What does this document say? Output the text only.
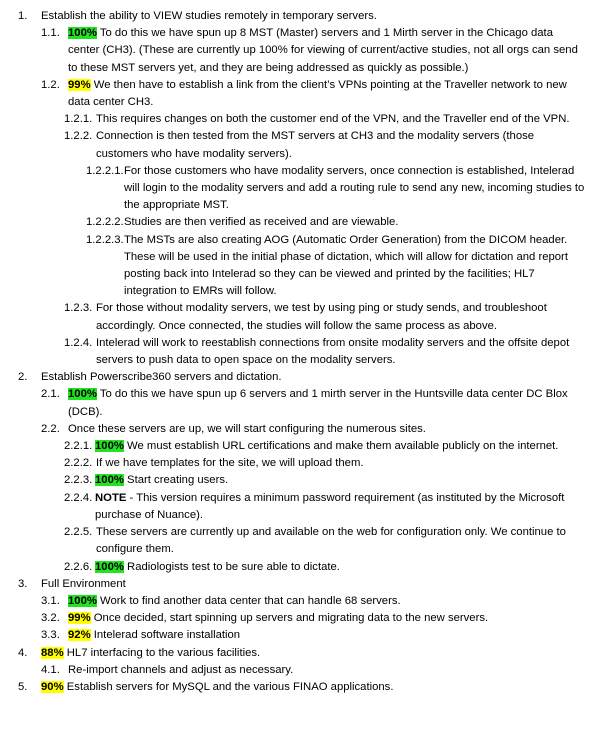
1.	Establish the ability to VIEW studies remotely in temporary servers.
1.1. 100% To do this we have spun up 8 MST (Master) servers and 1 Mirth server in the Chicago data center (CH3). (These are currently up 100% for viewing of current/active studies, not all orgs can send to these MST servers yet, and they are being addressed as quickly as possible.)
1.2. 99% We then have to establish a link from the client’s VPNs pointing at the Traveller network to new data center CH3.
1.2.1. This requires changes on both the customer end of the VPN, and the Traveller end of the VPN.
1.2.2. Connection is then tested from the MST servers at CH3 and the modality servers (those customers who have modality servers).
1.2.2.1. For those customers who have modality servers, once connection is established, Intelerad will login to the modality servers and add a routing rule to send any new, incoming studies to the appropriate MST.
1.2.2.2. Studies are then verified as received and are viewable.
1.2.2.3. The MSTs are also creating AOG (Automatic Order Generation) from the DICOM header. These will be used in the initial phase of dictation, which will allow for dictation and report posting back into Intelerad so they can be viewed and printed by the facilities; HL7 integration to EMRs will follow.
1.2.3. For those without modality servers, we test by using ping or study sends, and troubleshoot accordingly. Once connected, the studies will follow the same process as above.
1.2.4. Intelerad will work to reestablish connections from onsite modality servers and the offsite depot servers to push data to open space on the modality servers.
2.	Establish Powerscribe360 servers and dictation.
2.1. 100% To do this we have spun up 6 servers and 1 mirth server in the Huntsville data center DC Blox (DCB).
2.2. Once these servers are up, we will start configuring the numerous sites.
2.2.1. 100% We must establish URL certifications and make them available publicly on the internet.
2.2.2. If we have templates for the site, we will upload them.
2.2.3. 100% Start creating users.
2.2.4. NOTE - This version requires a minimum password requirement (as instituted by the Microsoft purchase of Nuance).
2.2.5. These servers are currently up and available on the web for configuration only. We continue to configure them.
2.2.6. 100% Radiologists test to be sure able to dictate.
3.	Full Environment
3.1. 100% Work to find another data center that can handle 68 servers.
3.2. 99% Once decided, start spinning up servers and migrating data to the new servers.
3.3. 92% Intelerad software installation
4.	88% HL7 interfacing to the various facilities.
4.1. Re-import channels and adjust as necessary.
5.	90% Establish servers for MySQL and the various FINAO applications.
